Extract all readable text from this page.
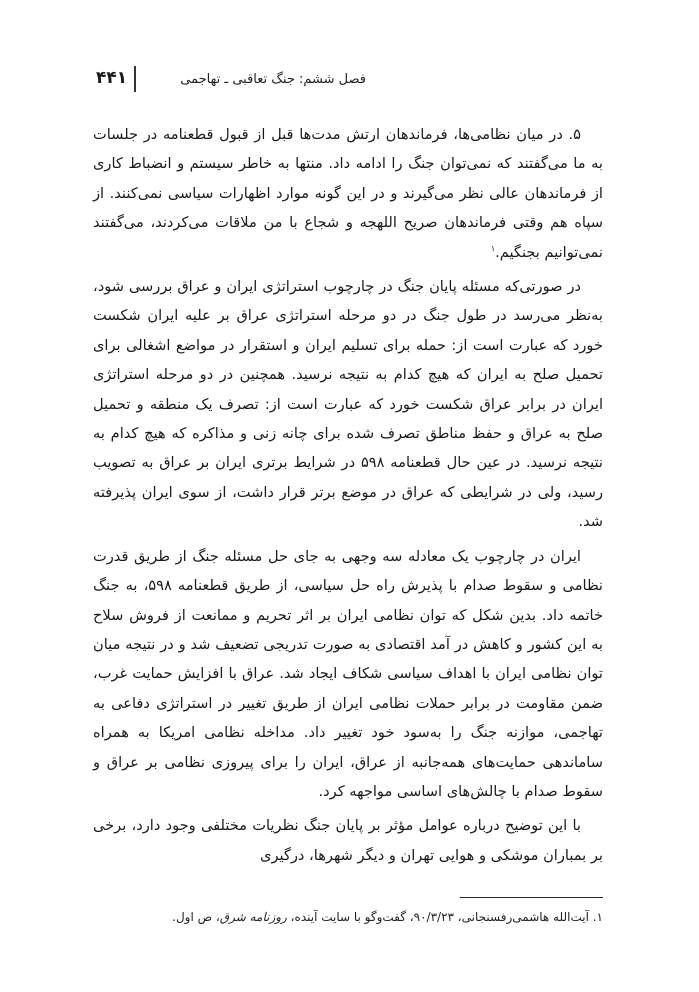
فصل ششم: جنگ تعاقبی ـ تهاجمی
۴۴۱

۵. در میان نظامی‌ها، فرماندهان ارتش مدت‌ها قبل از قبول قطعنامه در جلسات به ما می‌گفتند که نمی‌توان جنگ را ادامه داد. منتها به خاطر سیستم و انضباط کاری از فرماندهان عالی نظر می‌گیرند و در این گونه موارد اظهارات سیاسی نمی‌کنند. از سپاه هم وقتی فرماندهان صریح اللهجه و شجاع با من ملاقات می‌کردند، می‌گفتند نمی‌توانیم بجنگیم.$^۱$

در صورتی‌که مسئله پایان جنگ در چارچوب استراتژی ایران و عراق بررسی شود، به‌نظر می‌رسد در طول جنگ در دو مرحله استراتژی عراق بر علیه ایران شکست خورد که عبارت است از: حمله برای تسلیم ایران و استقرار در مواضع اشغالی برای تحمیل صلح به ایران که هیچ کدام به نتیجه نرسید. همچنین در دو مرحله استراتژی ایران در برابر عراق شکست خورد که عبارت است از: تصرف یک منطقه و تحمیل صلح به عراق و حفظ مناطق تصرف شده برای چانه زنی و مذاکره که هیچ کدام به نتیجه نرسید. در عین حال قطعنامه ۵۹۸ در شرایط برتری ایران بر عراق به تصویب رسید، ولی در شرایطی که عراق در موضع برتر قرار داشت، از سوی ایران پذیرفته شد.

ایران در چارچوب یک معادله سه وجهی به جای حل مسئله جنگ از طریق قدرت نظامی و سقوط صدام با پذیرش راه حل سیاسی، از طریق قطعنامه ۵۹۸، به جنگ خاتمه داد. بدین شکل که توان نظامی ایران بر اثر تحریم و ممانعت از فروش سلاح به این کشور و کاهش در آمد اقتصادی به صورت تدریجی تضعیف شد و در نتیجه میان توان نظامی ایران با اهداف سیاسی شکاف ایجاد شد. عراق با افزایش حمایت غرب، ضمن مقاومت در برابر حملات نظامی ایران از طریق تغییر در استراتژی دفاعی به تهاجمی، موازنه جنگ را به‌سود خود تغییر داد. مداخله نظامی امریکا به همراه ساماندهی حمایت‌های همه‌جانبه از عراق، ایران را برای پیروزی نظامی بر عراق و سقوط صدام با چالش‌های اساسی مواجهه کرد.

با این توضیح درباره عوامل مؤثر بر پایان جنگ نظریات مختلفی وجود دارد، برخی بر بمباران موشکی و هوایی تهران و دیگر شهرها، درگیری

۱. آیت‌الله هاشمی‌رفسنجانی، ۹۰/۳/۲۳، گفت‌وگو با سایت آینده، روزنامه شرق، ص اول.
